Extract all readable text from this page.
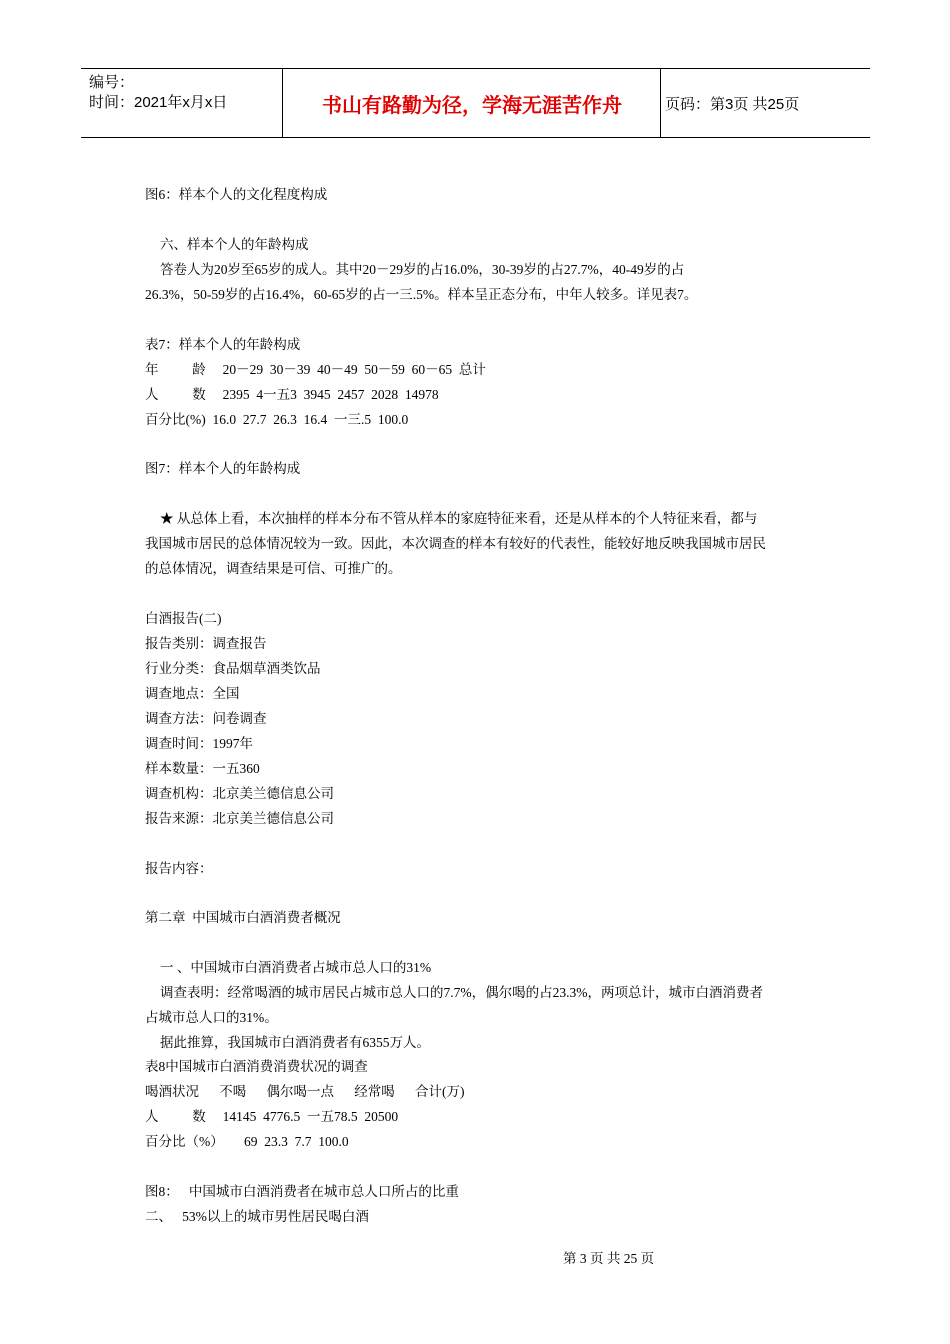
编号：
时间：2021年x月x日	书山有路勤为径，学海无涯苦作舟	页码：第3页 共25页
图6：样本个人的文化程度构成
六、样本个人的年龄构成
答卷人为20岁至65岁的成人。其中20－29岁的占16.0%，30-39岁的占27.7%，40-49岁的占
26.3%，50-59岁的占16.4%，60-65岁的占一三.5%。样本呈正态分布，中年人较多。详见表7。
表7：样本个人的年龄构成
年          龄     20－29  30－39  40－49  50－59  60－65  总计
人          数     2395  4一五3  3945  2457  2028  14978
百分比(%)  16.0  27.7  26.3  16.4  一三.5  100.0
图7：样本个人的年龄构成
★ 从总体上看，本次抽样的样本分布不管从样本的家庭特征来看，还是从样本的个人特征来看，都与
我国城市居民的总体情况较为一致。因此，本次调查的样本有较好的代表性，能较好地反映我国城市居民
的总体情况，调查结果是可信、可推广的。
白酒报告(二)
报告类别：调查报告
行业分类：食品烟草酒类饮品
调查地点：全国
调查方法：问卷调查
调查时间：1997年
样本数量：一五360
调查机构：北京美兰德信息公司
报告来源：北京美兰德信息公司
报告内容：
第二章  中国城市白酒消费者概况
一 、中国城市白酒消费者占城市总人口的31%
调查表明：经常喝酒的城市居民占城市总人口的7.7%，偶尔喝的占23.3%，两项总计，城市白酒消费者
占城市总人口的31%。
据此推算，我国城市白酒消费者有6355万人。
表8中国城市白酒消费消费状况的调查
喝酒状况      不喝      偶尔喝一点      经常喝      合计(万)
人          数     14145  4776.5  一五78.5  20500
百分比（%）      69  23.3  7.7  100.0
图8：   中国城市白酒消费者在城市总人口所占的比重
二、   53%以上的城市男性居民喝白酒
第 3 页 共 25 页
